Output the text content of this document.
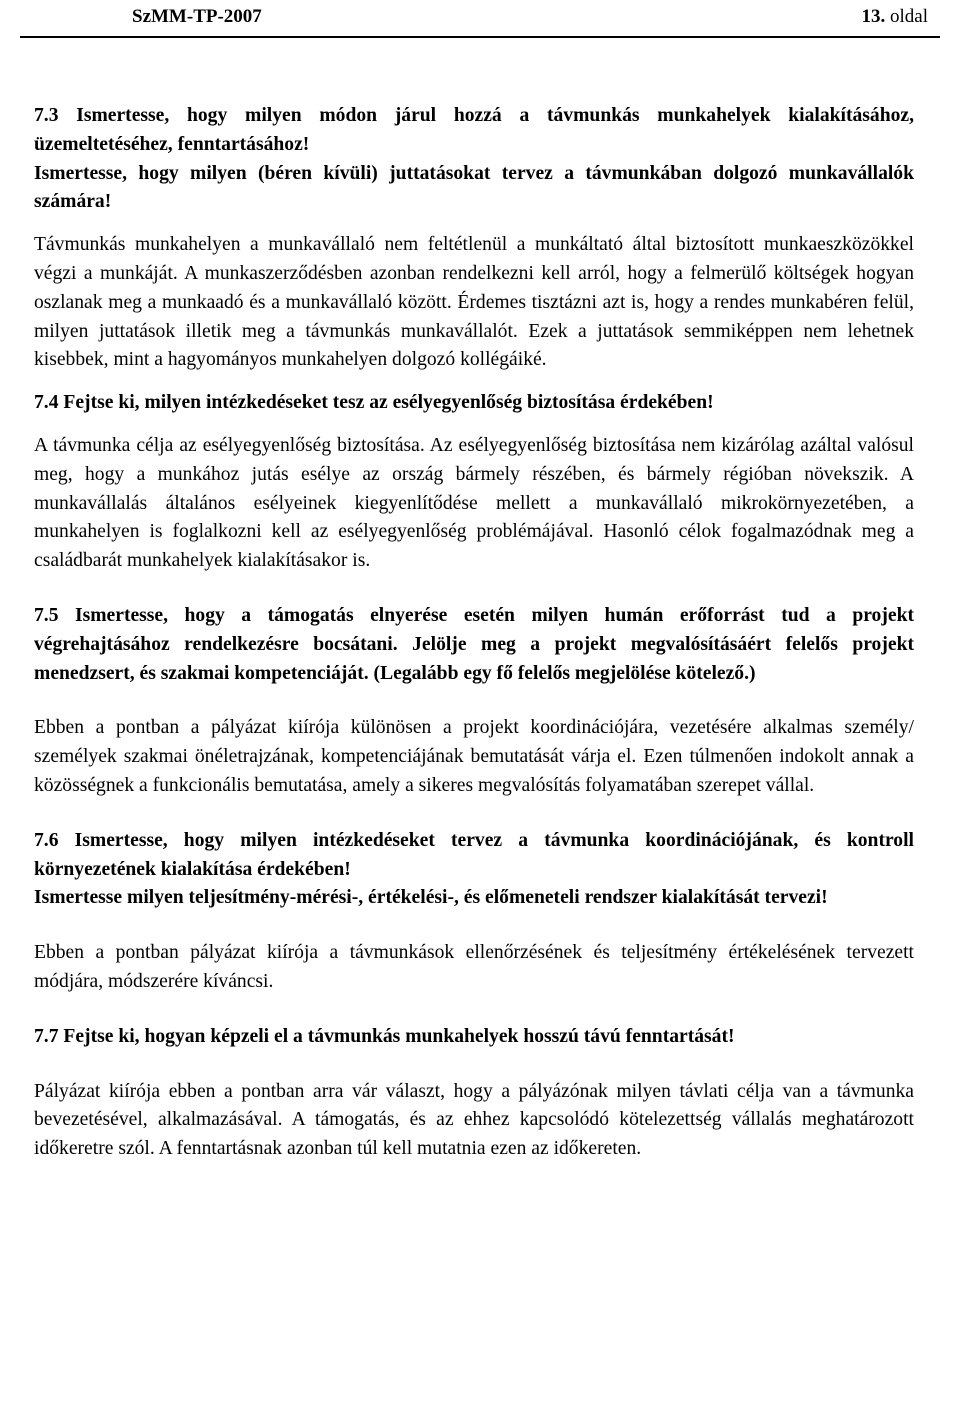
SzMM-TP-2007	13. oldal

7.3 Ismertesse, hogy milyen módon járul hozzá a távmunkás munkahelyek kialakításához, üzemeltetéséhez, fenntartásához!

Ismertesse, hogy milyen (béren kívüli) juttatásokat tervez a távmunkában dolgozó munkavállalók számára!

Távmunkás munkahelyen a munkavállaló nem feltétlenül a munkáltató által biztosított munkaeszközökkel végzi a munkáját. A munkaszerződésben azonban rendelkezni kell arról, hogy a felmerülő költségek hogyan oszlanak meg a munkaadó és a munkavállaló között. Érdemes tisztázni azt is, hogy a rendes munkabéren felül, milyen juttatások illetik meg a távmunkás munkavállalót. Ezek a juttatások semmiképpen nem lehetnek kisebbek, mint a hagyományos munkahelyen dolgozó kollégáiké.

7.4 Fejtse ki, milyen intézkedéseket tesz az esélyegyenlőség biztosítása érdekében!

A távmunka célja az esélyegyenlőség biztosítása. Az esélyegyenlőség biztosítása nem kizárólag azáltal valósul meg, hogy a munkához jutás esélye az ország bármely részében, és bármely régióban növekszik. A munkavállalás általános esélyeinek kiegyenlítődése mellett a munkavállaló mikrokörnyezetében, a munkahelyen is foglalkozni kell az esélyegyenlőség problémájával. Hasonló célok fogalmazódnak meg a családbarát munkahelyek kialakításakor is.

7.5 Ismertesse, hogy a támogatás elnyerése esetén milyen humán erőforrást tud a projekt végrehajtásához rendelkezésre bocsátani. Jelölje meg a projekt megvalósításáért felelős projekt menedzsert, és szakmai kompetenciáját. (Legalább egy fő felelős megjelölése kötelező.)

Ebben a pontban a pályázat kiírója különösen a projekt koordinációjára, vezetésére alkalmas személy/ személyek szakmai önéletrajzának, kompetenciájának bemutatását várja el. Ezen túlmenően indokolt annak a közösségnek a funkcionális bemutatása, amely a sikeres megvalósítás folyamatában szerepet vállal.

7.6 Ismertesse, hogy milyen intézkedéseket tervez a távmunka koordinációjának, és kontroll környezetének kialakítása érdekében!

Ismertesse milyen teljesítmény-mérési-, értékelési-, és előmeneteli rendszer kialakítását tervezi!

Ebben a pontban pályázat kiírója a távmunkások ellenőrzésének és teljesítmény értékelésének tervezett módjára, módszerére kíváncsi.

7.7 Fejtse ki, hogyan képzeli el a távmunkás munkahelyek hosszú távú fenntartását!

Pályázat kiírója ebben a pontban arra vár választ, hogy a pályázónak milyen távlati célja van a távmunka bevezetésével, alkalmazásával. A támogatás, és az ehhez kapcsolódó kötelezettség vállalás meghatározott időkeretre szól. A fenntartásnak azonban túl kell mutatnia ezen az időkereten.
